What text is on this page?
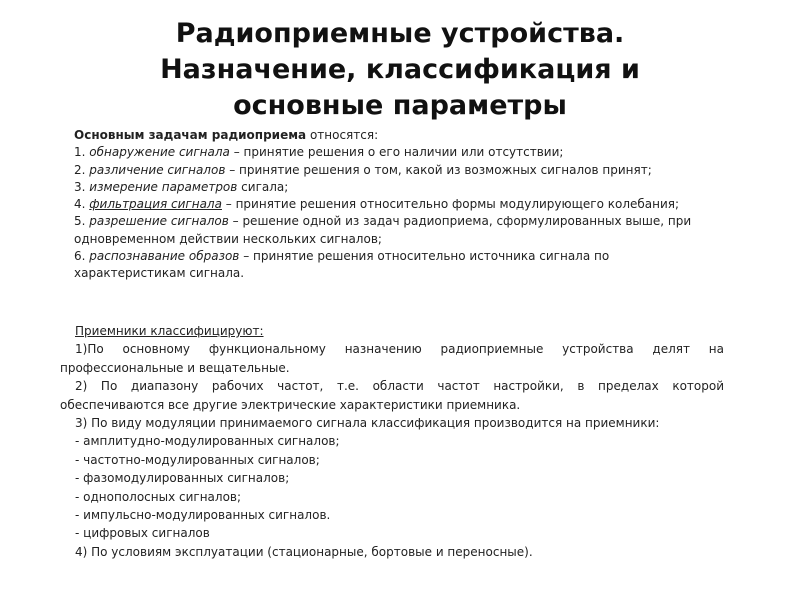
Радиоприемные устройства.
Назначение, классификация и
основные параметры
Основным задачам радиоприема относятся:
1. обнаружение сигнала – принятие решения о его наличии или отсутствии;
2. различение сигналов – принятие решения о том, какой из возможных сигналов принят;
3. измерение параметров сигала;
4. фильтрация сигнала – принятие решения относительно формы модулирующего колебания;
5. разрешение сигналов – решение одной из задач радиоприема, сформулированных выше, при одновременном действии нескольких сигналов;
6. распознавание образов – принятие решения относительно источника сигнала по характеристикам сигнала.
Приемники классифицируют:

1)По основному функциональному назначению радиоприемные устройства делят на профессиональные и вещательные.

2) По диапазону рабочих частот, т.е. области частот настройки, в пределах которой обеспечиваются все другие электрические характеристики приемника.

3) По виду модуляции принимаемого сигнала классификация производится на приемники:

- амплитудно-модулированных сигналов;
- частотно-модулированных сигналов;
- фазомодулированных сигналов;
- однополосных сигналов;
- импульсно-модулированных сигналов.
- цифровых сигналов
4) По условиям эксплуатации (стационарные, бортовые и переносные).
